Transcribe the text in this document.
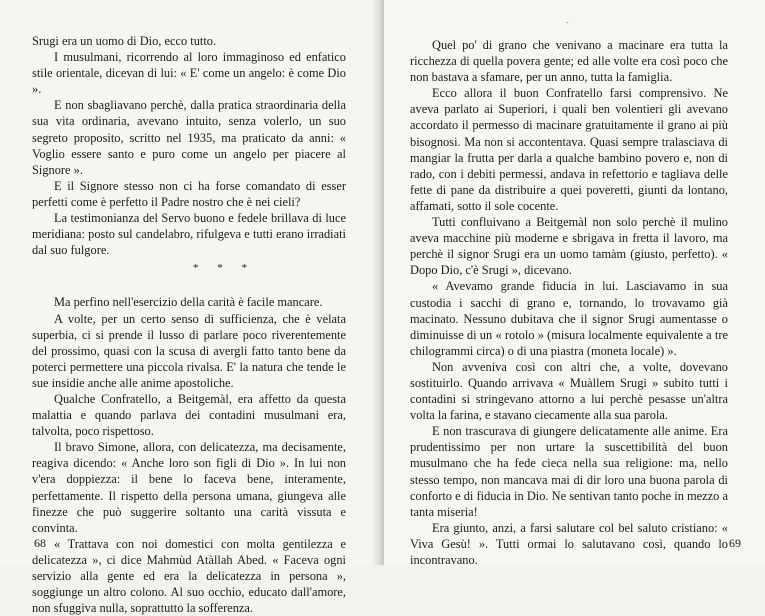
Srugi era un uomo di Dio, ecco tutto.

I musulmani, ricorrendo al loro immaginoso ed enfatico stile orientale, dicevan di lui: « E' come un angelo: è come Dio ».

E non sbagliavano perchè, dalla pratica straordinaria della sua vita ordinaria, avevano intuito, senza volerlo, un suo segreto proposito, scritto nel 1935, ma praticato da anni: « Voglio essere santo e puro come un angelo per piacere al Signore ».

E il Signore stesso non ci ha forse comandato di esser perfetti come è perfetto il Padre nostro che è nei cieli?

La testimonianza del Servo buono e fedele brillava di luce meridiana: posto sul candelabro, rifulgeva e tutti erano irradiati dal suo fulgore.

* * *

Ma perfino nell'esercizio della carità è facile mancare.

A volte, per un certo senso di sufficienza, che è velata superbia, ci si prende il lusso di parlare poco riverentemente del prossimo, quasi con la scusa di avergli fatto tanto bene da poterci permettere una piccola rivalsa. E' la natura che tende le sue insidie anche alle anime apostoliche.

Qualche Confratello, a Beitgemàl, era affetto da questa malattia e quando parlava dei contadini musulmani era, talvolta, poco rispettoso.

Il bravo Simone, allora, con delicatezza, ma decisamente, reagiva dicendo: « Anche loro son figli di Dio ». In lui non v'era doppiezza: il bene lo faceva bene, interamente, perfettamente. Il rispetto della persona umana, giungeva alle finezze che può suggerire soltanto una carità vissuta e convinta.

« Trattava con noi domestici con molta gentilezza e delicatezza », ci dice Mahmùd Atàllah Abed. « Faceva ogni servizio alla gente ed era la delicatezza in persona », soggiunge un altro colono. Al suo occhio, educato dall'amore, non sfuggiva nulla, soprattutto la sofferenza.

68
-

Quel po' di grano che venivano a macinare era tutta la ricchezza di quella povera gente; ed alle volte era così poco che non bastava a sfamare, per un anno, tutta la famiglia.

Ecco allora il buon Confratello farsi comprensivo. Ne aveva parlato ai Superiori, i quali ben volentieri gli avevano accordato il permesso di macinare gratuitamente il grano ai più bisognosi. Ma non si accontentava. Quasi sempre tralasciava di mangiar la frutta per darla a qualche bambino povero e, non di rado, con i debiti permessi, andava in refettorio e tagliava delle fette di pane da distribuire a quei poveretti, giunti da lontano, affamati, sotto il sole cocente.

Tutti confluivano a Beitgemàl non solo perchè il mulino aveva macchine più moderne e sbrigava in fretta il lavoro, ma perchè il signor Srugi era un uomo tamàm (giusto, perfetto). « Dopo Dio, c'è Srugi », dicevano.

« Avevamo grande fiducia in lui. Lasciavamo in sua custodia i sacchi di grano e, tornando, lo trovavamo già macinato. Nessuno dubitava che il signor Srugi aumentasse o diminuisse di un « rotolo » (misura localmente equivalente a tre chilogrammi circa) o di una piastra (moneta locale) ».

Non avveniva così con altri che, a volte, dovevano sostituirlo. Quando arrivava « Muàllem Srugi » subito tutti i contadini si stringevano attorno a lui perchè pesasse un'altra volta la farina, e stavano ciecamente alla sua parola.

E non trascurava di giungere delicatamente alle anime. Era prudentissimo per non urtare la suscettibilità del buon musulmano che ha fede cieca nella sua religione: ma, nello stesso tempo, non mancava mai di dir loro una buona parola di conforto e di fiducia in Dio. Ne sentivan tanto poche in mezzo a tanta miseria!

Era giunto, anzi, a farsi salutare col bel saluto cristiano: « Viva Gesù! ». Tutti ormai lo salutavano così, quando lo incontravano.

69
